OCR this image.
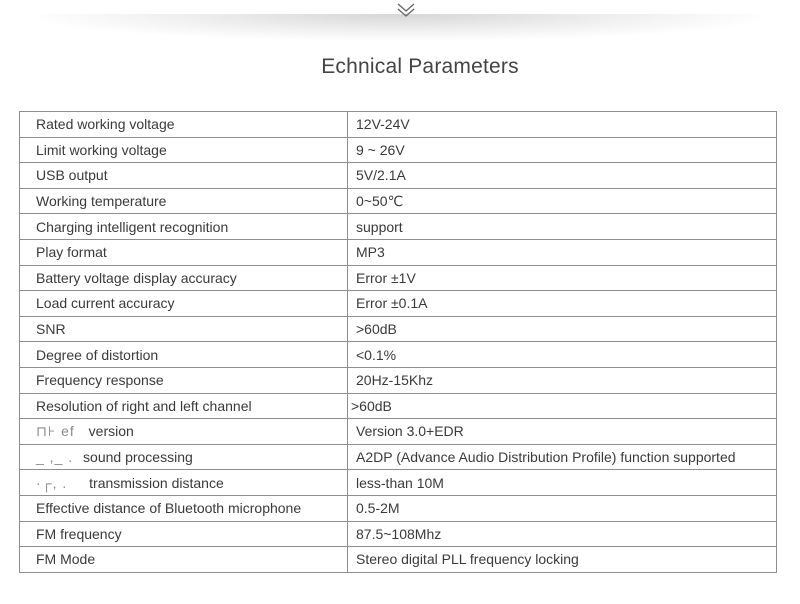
Echnical Parameters
Rated working voltage	12V-24V
Limit working voltage	9 ~ 26V
USB output	5V/2.1A
Working temperature	0~50℃
Charging intelligent recognition	support
Play format	MP3
Battery voltage display accuracy	Error ±1V
Load current accuracy	Error ±0.1A
SNR	>60dB
Degree of distortion	<0.1%
Frequency response	20Hz-15Khz
Resolution of right and left channel	>60dB
⊓⊦ ef version	Version 3.0+EDR
_ ,_ . sound processing	A2DP (Advance Audio Distribution Profile) function supported
·┌, . transmission distance	less-than 10M
Effective distance of Bluetooth microphone	0.5-2M
FM frequency	87.5~108Mhz
FM Mode	Stereo digital PLL frequency locking
